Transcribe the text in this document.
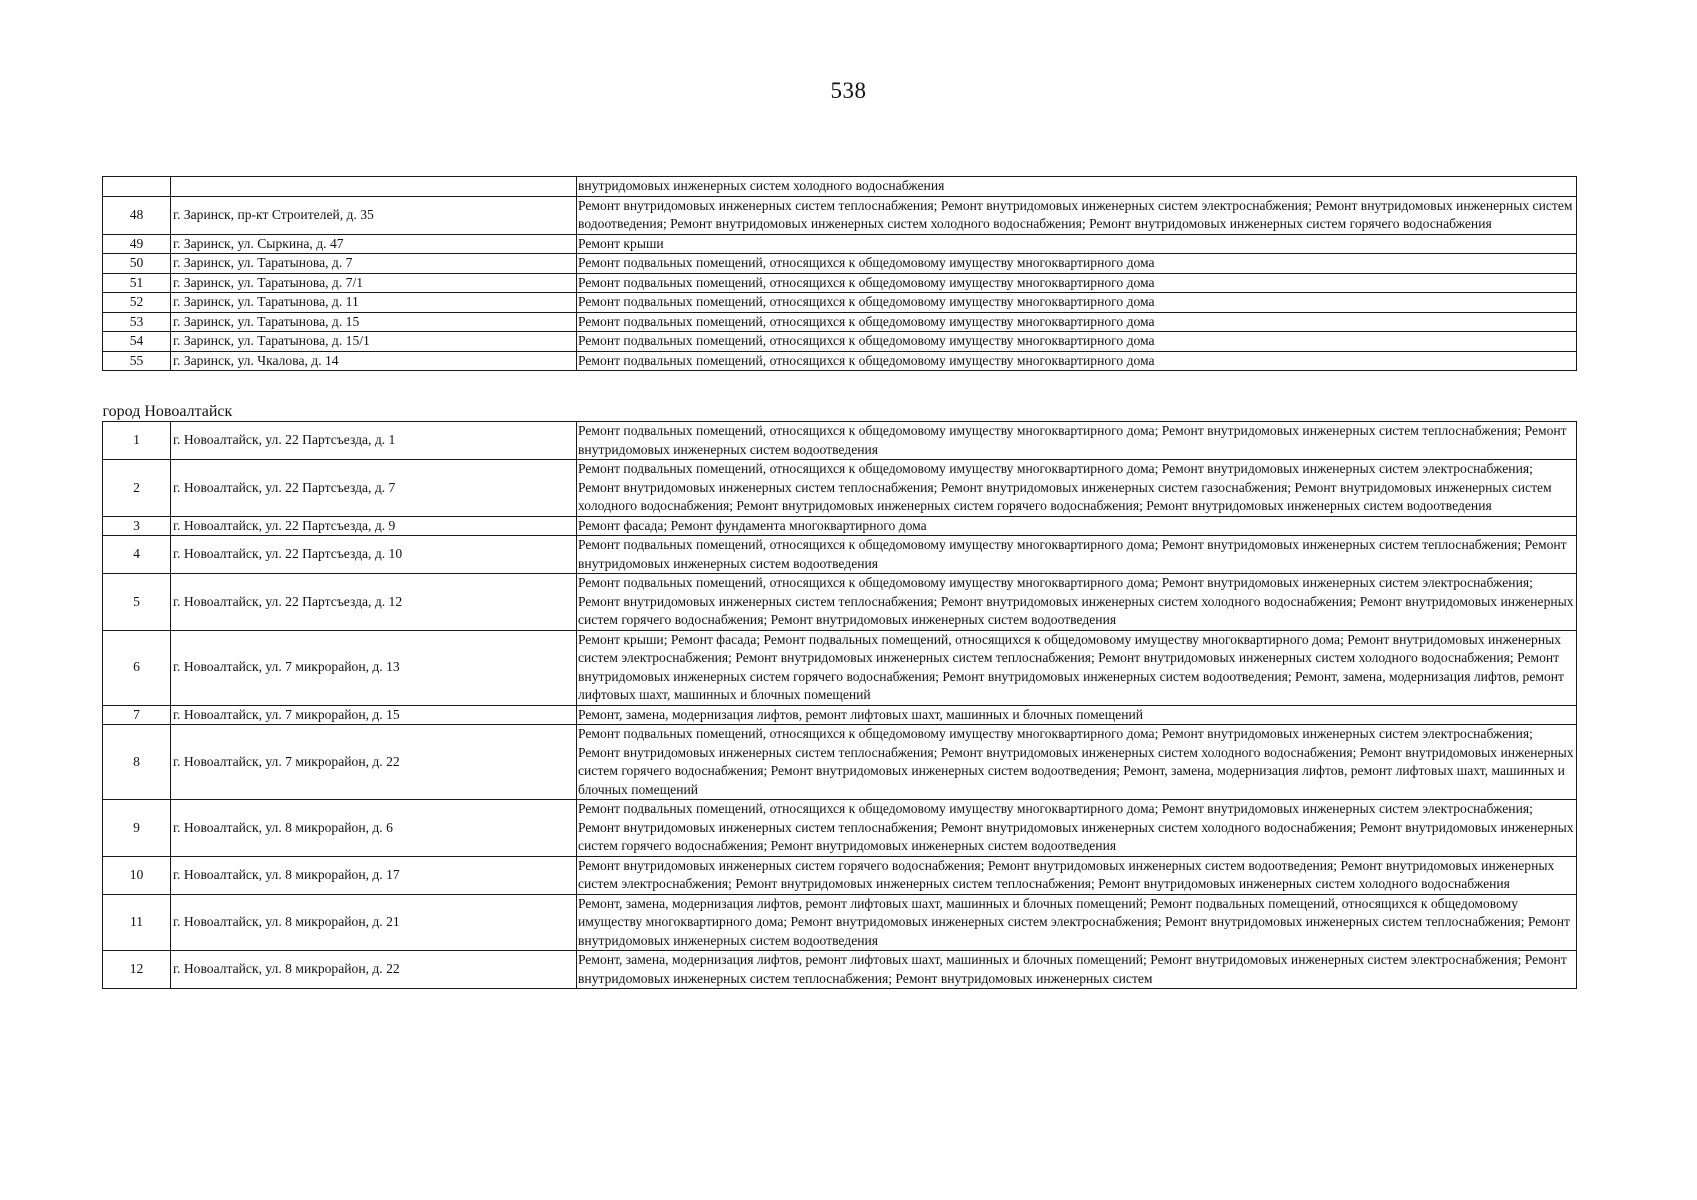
538
		внутридомовых инженерных систем холодного водоснабжения
48	г. Заринск, пр-кт Строителей, д. 35	Ремонт внутридомовых инженерных систем теплоснабжения; Ремонт внутридомовых инженерных систем электроснабжения; Ремонт внутридомовых инженерных систем водоотведения; Ремонт внутридомовых инженерных систем холодного водоснабжения; Ремонт внутридомовых инженерных систем горячего водоснабжения
49	г. Заринск, ул. Сыркина, д. 47	Ремонт крыши
50	г. Заринск, ул. Таратынова, д. 7	Ремонт подвальных помещений, относящихся к общедомовому имуществу многоквартирного дома
51	г. Заринск, ул. Таратынова, д. 7/1	Ремонт подвальных помещений, относящихся к общедомовому имуществу многоквартирного дома
52	г. Заринск, ул. Таратынова, д. 11	Ремонт подвальных помещений, относящихся к общедомовому имуществу многоквартирного дома
53	г. Заринск, ул. Таратынова, д. 15	Ремонт подвальных помещений, относящихся к общедомовому имуществу многоквартирного дома
54	г. Заринск, ул. Таратынова, д. 15/1	Ремонт подвальных помещений, относящихся к общедомовому имуществу многоквартирного дома
55	г. Заринск, ул. Чкалова, д. 14	Ремонт подвальных помещений, относящихся к общедомовому имуществу многоквартирного дома
город Новоалтайск		
1	г. Новоалтайск, ул. 22 Партсъезда, д. 1	Ремонт подвальных помещений, относящихся к общедомовому имуществу многоквартирного дома; Ремонт внутридомовых инженерных систем теплоснабжения; Ремонт внутридомовых инженерных систем водоотведения
2	г. Новоалтайск, ул. 22 Партсъезда, д. 7	Ремонт подвальных помещений, относящихся к общедомовому имуществу многоквартирного дома; Ремонт внутридомовых инженерных систем электроснабжения; Ремонт внутридомовых инженерных систем теплоснабжения; Ремонт внутридомовых инженерных систем газоснабжения; Ремонт внутридомовых инженерных систем холодного водоснабжения; Ремонт внутридомовых инженерных систем горячего водоснабжения; Ремонт внутридомовых инженерных систем водоотведения
3	г. Новоалтайск, ул. 22 Партсъезда, д. 9	Ремонт фасада; Ремонт фундамента многоквартирного дома
4	г. Новоалтайск, ул. 22 Партсъезда, д. 10	Ремонт подвальных помещений, относящихся к общедомовому имуществу многоквартирного дома; Ремонт внутридомовых инженерных систем теплоснабжения; Ремонт внутридомовых инженерных систем водоотведения
5	г. Новоалтайск, ул. 22 Партсъезда, д. 12	Ремонт подвальных помещений, относящихся к общедомовому имуществу многоквартирного дома; Ремонт внутридомовых инженерных систем электроснабжения; Ремонт внутридомовых инженерных систем теплоснабжения; Ремонт внутридомовых инженерных систем холодного водоснабжения; Ремонт внутридомовых инженерных систем горячего водоснабжения; Ремонт внутридомовых инженерных систем водоотведения
6	г. Новоалтайск, ул. 7 микрорайон, д. 13	Ремонт крыши; Ремонт фасада; Ремонт подвальных помещений, относящихся к общедомовому имуществу многоквартирного дома; Ремонт внутридомовых инженерных систем электроснабжения; Ремонт внутридомовых инженерных систем теплоснабжения; Ремонт внутридомовых инженерных систем холодного водоснабжения; Ремонт внутридомовых инженерных систем горячего водоснабжения; Ремонт внутридомовых инженерных систем водоотведения; Ремонт, замена, модернизация лифтов, ремонт лифтовых шахт, машинных и блочных помещений
7	г. Новоалтайск, ул. 7 микрорайон, д. 15	Ремонт, замена, модернизация лифтов, ремонт лифтовых шахт, машинных и блочных помещений
8	г. Новоалтайск, ул. 7 микрорайон, д. 22	Ремонт подвальных помещений, относящихся к общедомовому имуществу многоквартирного дома; Ремонт внутридомовых инженерных систем электроснабжения; Ремонт внутридомовых инженерных систем теплоснабжения; Ремонт внутридомовых инженерных систем холодного водоснабжения; Ремонт внутридомовых инженерных систем горячего водоснабжения; Ремонт внутридомовых инженерных систем водоотведения; Ремонт, замена, модернизация лифтов, ремонт лифтовых шахт, машинных и блочных помещений
9	г. Новоалтайск, ул. 8 микрорайон, д. 6	Ремонт подвальных помещений, относящихся к общедомовому имуществу многоквартирного дома; Ремонт внутридомовых инженерных систем электроснабжения; Ремонт внутридомовых инженерных систем теплоснабжения; Ремонт внутридомовых инженерных систем холодного водоснабжения; Ремонт внутридомовых инженерных систем горячего водоснабжения; Ремонт внутридомовых инженерных систем водоотведения
10	г. Новоалтайск, ул. 8 микрорайон, д. 17	Ремонт внутридомовых инженерных систем горячего водоснабжения; Ремонт внутридомовых инженерных систем водоотведения; Ремонт внутридомовых инженерных систем электроснабжения; Ремонт внутридомовых инженерных систем теплоснабжения; Ремонт внутридомовых инженерных систем холодного водоснабжения
11	г. Новоалтайск, ул. 8 микрорайон, д. 21	Ремонт, замена, модернизация лифтов, ремонт лифтовых шахт, машинных и блочных помещений; Ремонт подвальных помещений, относящихся к общедомовому имуществу многоквартирного дома; Ремонт внутридомовых инженерных систем электроснабжения; Ремонт внутридомовых инженерных систем теплоснабжения; Ремонт внутридомовых инженерных систем водоотведения
12	г. Новоалтайск, ул. 8 микрорайон, д. 22	Ремонт, замена, модернизация лифтов, ремонт лифтовых шахт, машинных и блочных помещений; Ремонт внутридомовых инженерных систем электроснабжения; Ремонт внутридомовых инженерных систем теплоснабжения; Ремонт внутридомовых инженерных систем
